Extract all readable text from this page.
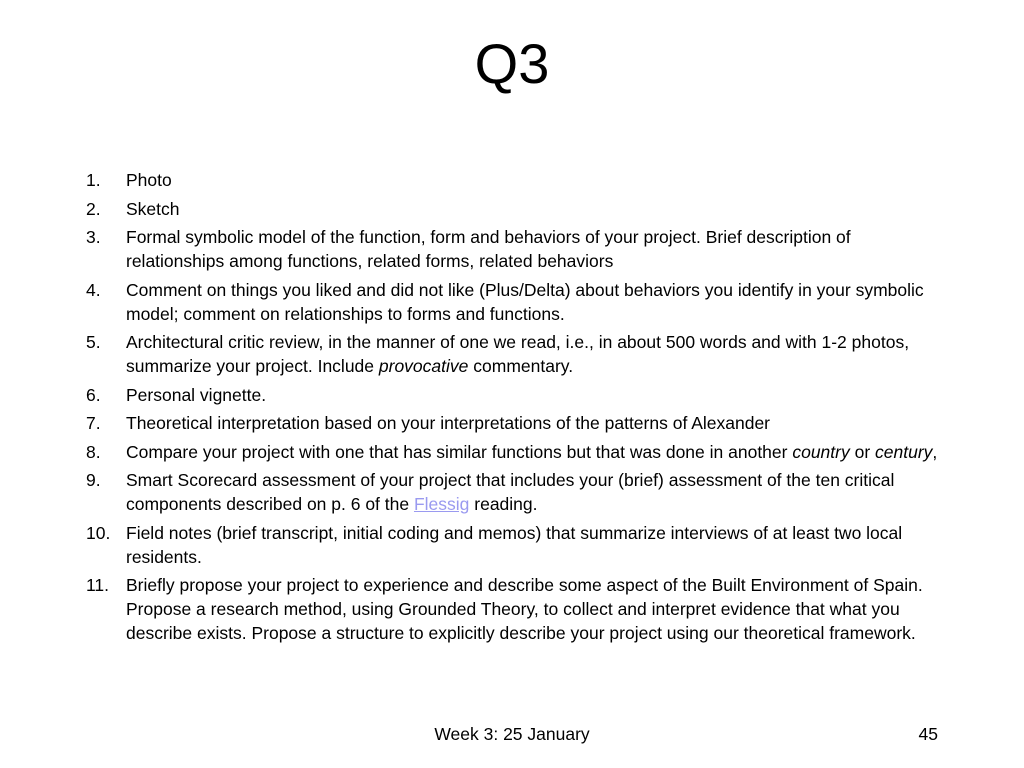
Q3
1. Photo
2. Sketch
3. Formal symbolic model of the function, form and behaviors of your project. Brief description of relationships among functions, related forms, related behaviors
4. Comment on things you liked and did not like (Plus/Delta) about behaviors you identify in your symbolic model; comment on relationships to forms and functions.
5. Architectural critic review, in the manner of one we read, i.e., in about 500 words and with 1-2 photos, summarize your project. Include provocative commentary.
6. Personal vignette.
7. Theoretical interpretation based on your interpretations of the patterns of Alexander
8. Compare your project with one that has similar functions but that was done in another country or century,
9. Smart Scorecard assessment of your project that includes your (brief) assessment of the ten critical components described on p. 6 of the Flessig reading.
10. Field notes (brief transcript, initial coding and memos) that summarize interviews of at least two local residents.
11. Briefly propose your project to experience and describe some aspect of the Built Environment of Spain. Propose a research method, using Grounded Theory, to collect and interpret evidence that what you describe exists. Propose a structure to explicitly describe your project using our theoretical framework.
Week 3: 25 January	45
